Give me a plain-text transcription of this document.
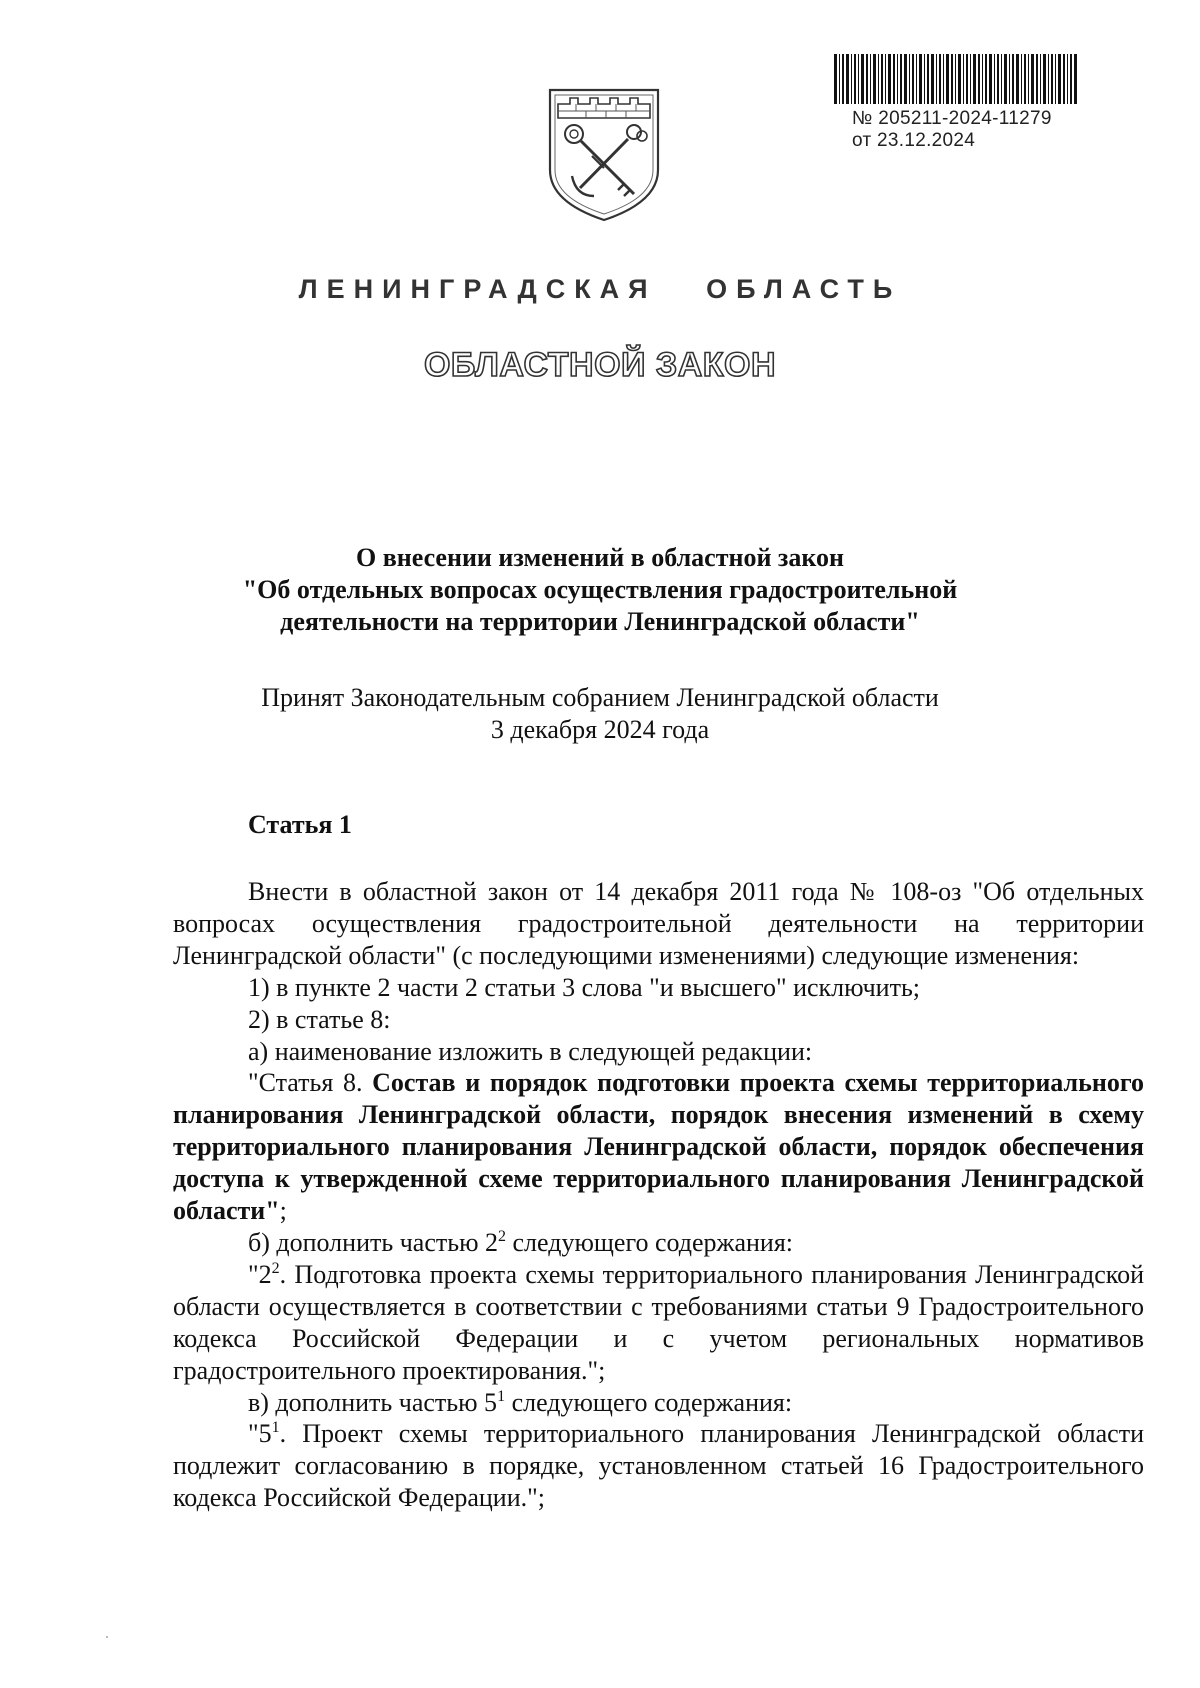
№ 205211-2024-11279
от 23.12.2024
ЛЕНИНГРАДСКАЯ   ОБЛАСТЬ
ОБЛАСТНОЙ ЗАКОН
О внесении изменений в областной закон
"Об отдельных вопросах осуществления градостроительной
деятельности на территории Ленинградской области"
Принят Законодательным собранием Ленинградской области
3 декабря 2024 года
Статья 1

Внести в областной закон от 14 декабря 2011 года № 108-оз "Об отдельных вопросах осуществления градостроительной деятельности на территории Ленинградской области" (с последующими изменениями) следующие изменения:

1) в пункте 2 части 2 статьи 3 слова "и высшего" исключить;

2) в статье 8:

а) наименование изложить в следующей редакции:

"Статья 8. Состав и порядок подготовки проекта схемы территориального планирования Ленинградской области, порядок внесения изменений в схему территориального планирования Ленинградской области, порядок обеспечения доступа к утвержденной схеме территориального планирования Ленинградской области";

б) дополнить частью $2^2$ следующего содержания:

"$2^2$. Подготовка проекта схемы территориального планирования Ленинградской области осуществляется в соответствии с требованиями статьи 9 Градостроительного кодекса Российской Федерации и с учетом региональных нормативов градостроительного проектирования.";

в) дополнить частью $5^1$ следующего содержания:

"$5^1$. Проект схемы территориального планирования Ленинградской области подлежит согласованию в порядке, установленном статьей 16 Градостроительного кодекса Российской Федерации.";
